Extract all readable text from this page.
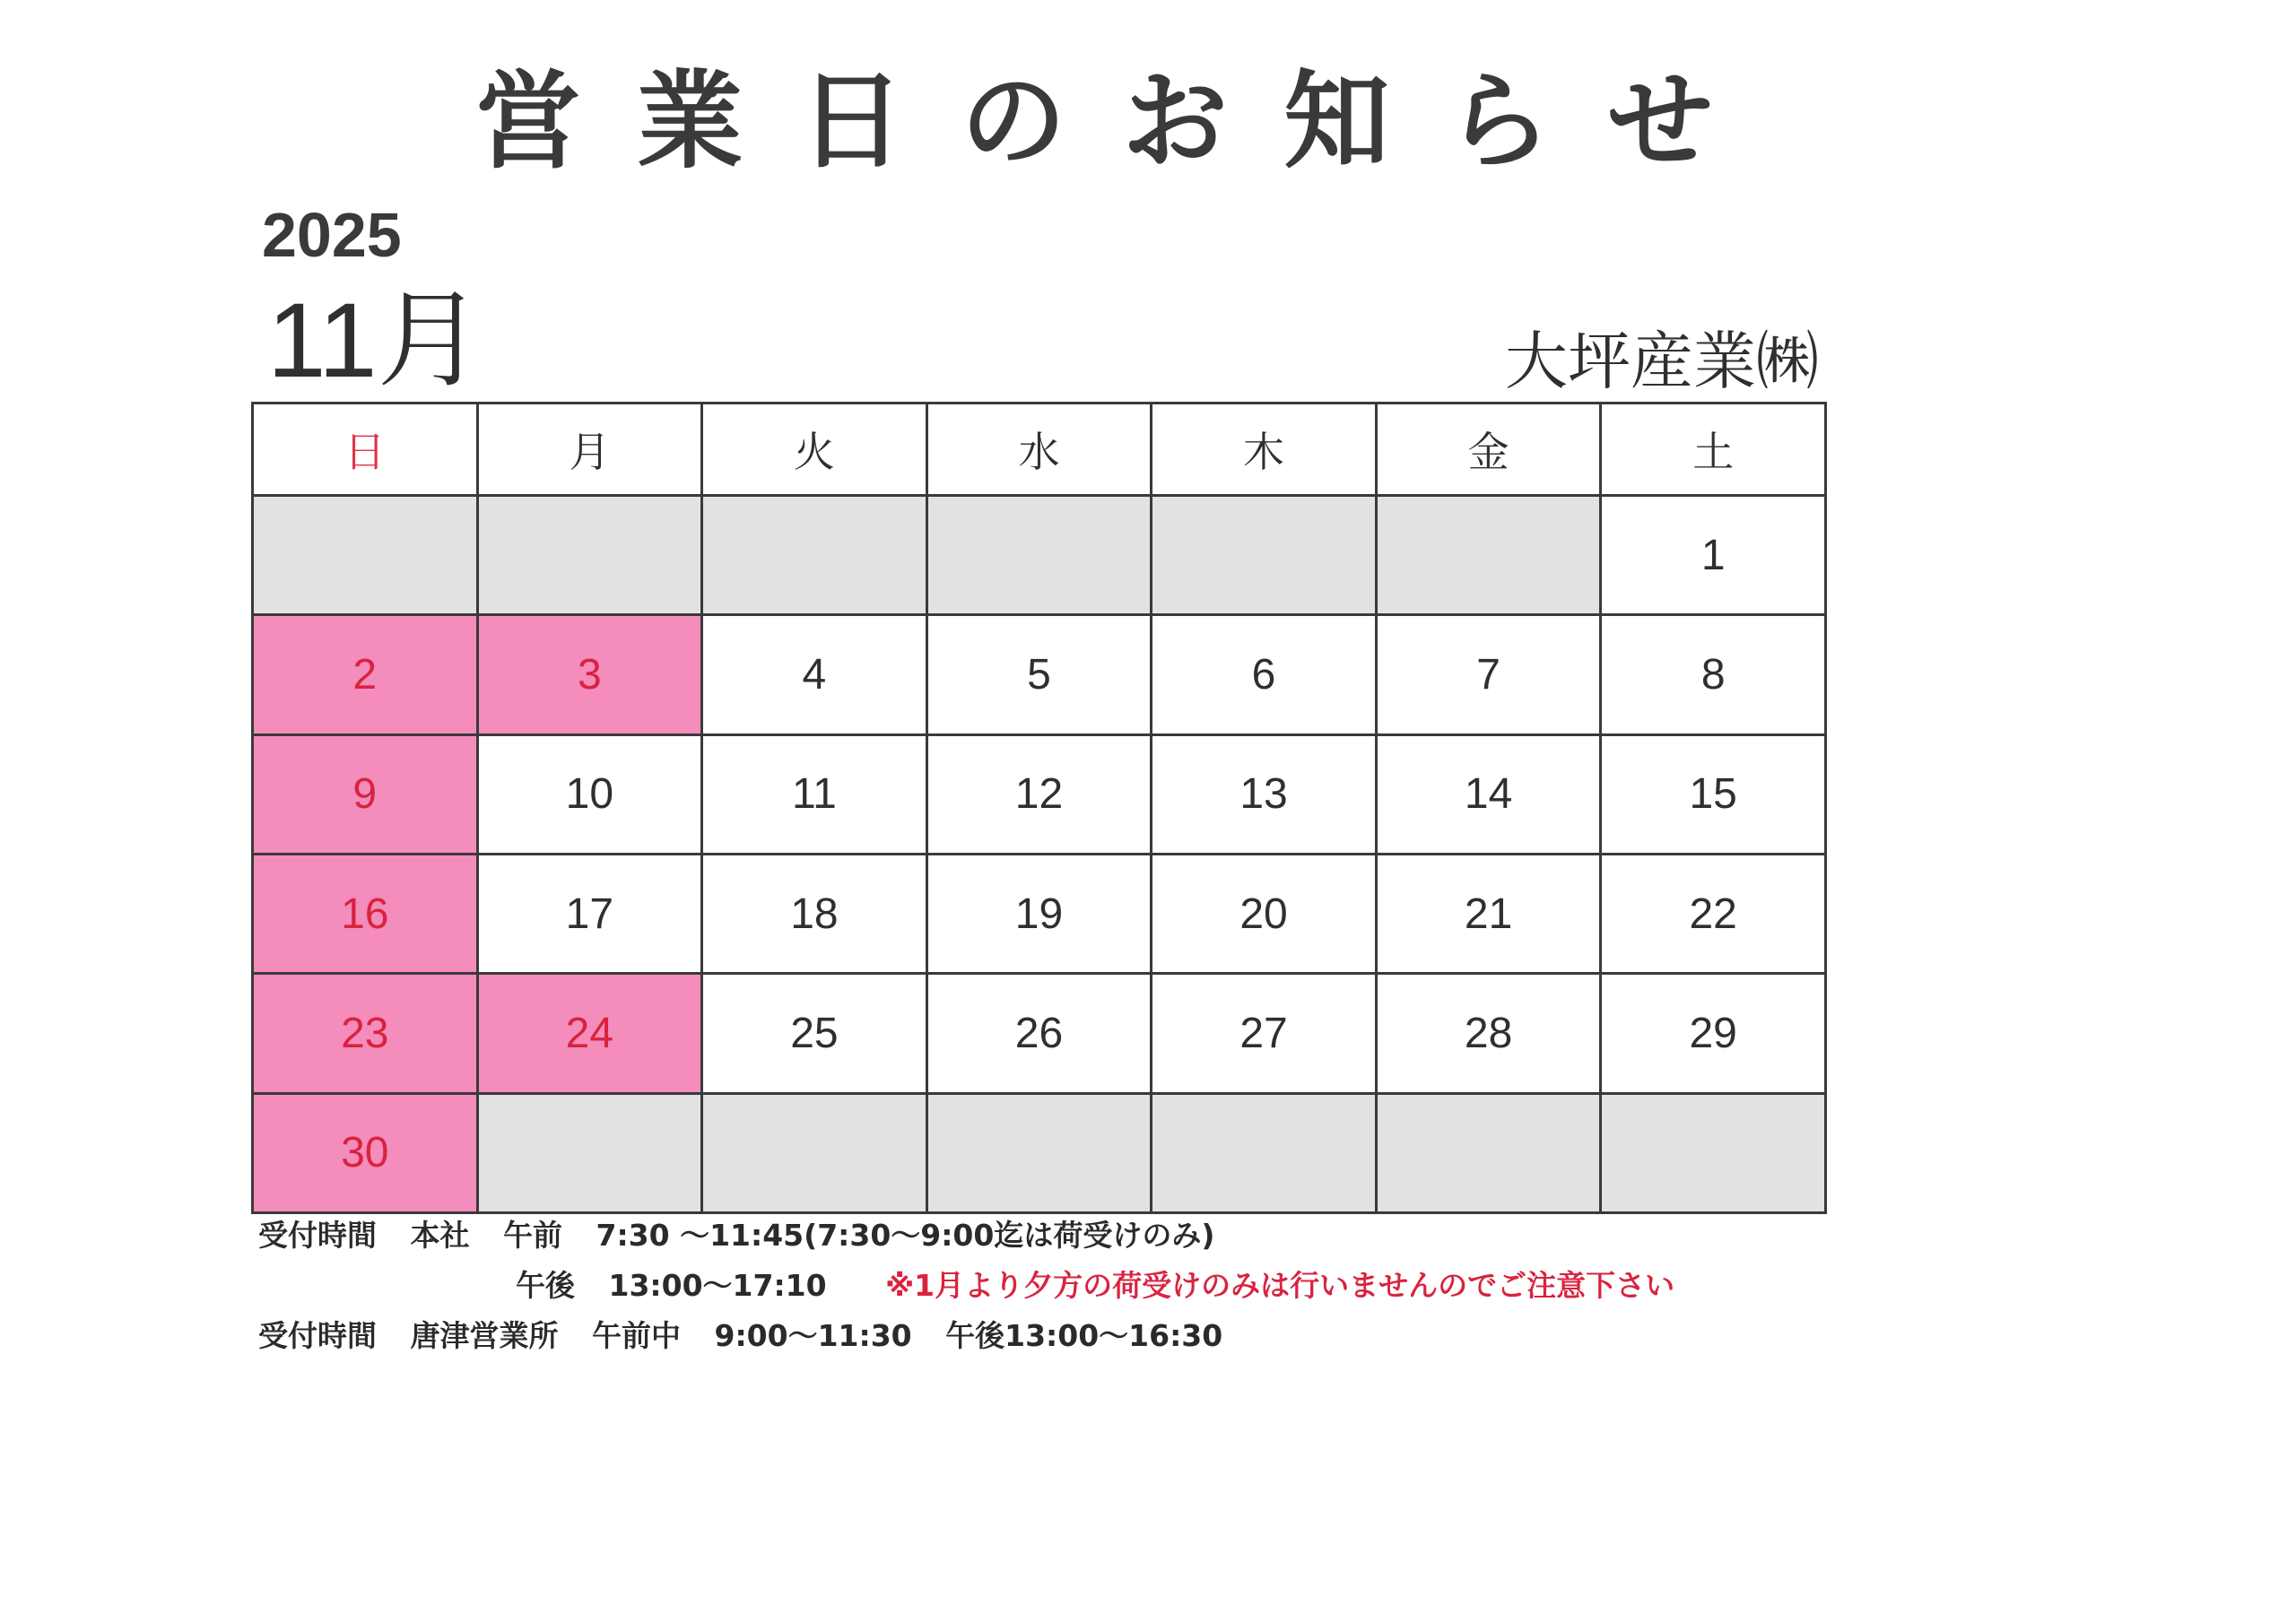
営 業 日 の お 知 ら せ
2025
11月	大坪産業㈱
日	月	火	水	木	金	土
						1
2	3	4	5	6	7	8
9	10	11	12	13	14	15
16	17	18	19	20	21	22
23	24	25	26	27	28	29
30						
受付時間 本社 午前 7:30 ～11:45(7:30～9:00迄は荷受けのみ)
午後 13:00～17:10 ※1月より夕方の荷受けのみは行いませんのでご注意下さい
受付時間 唐津営業所 午前中 9:00～11:30 午後13:00～16:30
